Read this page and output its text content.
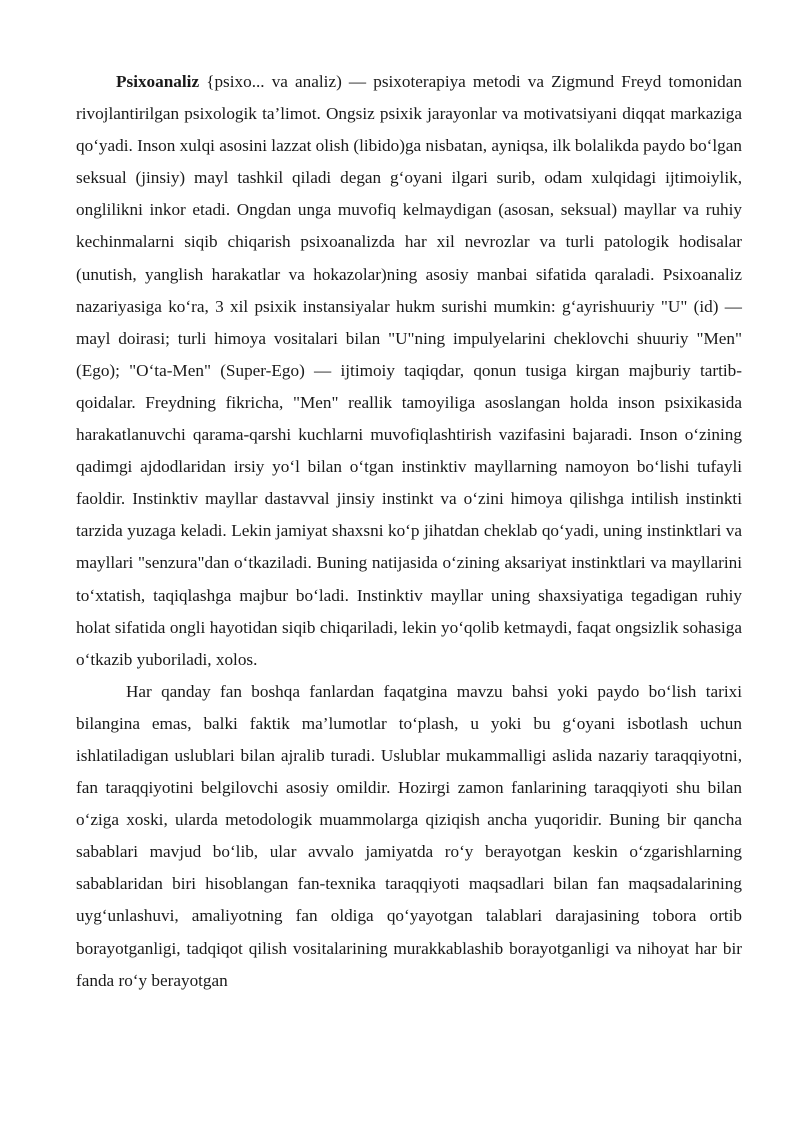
Psixoanaliz {psixo... va analiz) — psixoterapiya metodi va Zigmund Freyd tomonidan rivojlantirilgan psixologik ta’limot. Ongsiz psixik jarayonlar va motivatsiyani diqqat markaziga qo‘yadi. Inson xulqi asosini lazzat olish (libido)ga nisbatan, ayniqsa, ilk bolalikda paydo bo‘lgan seksual (jinsiy) mayl tashkil qiladi degan g‘oyani ilgari surib, odam xulqidagi ijtimoiylik, onglilikni inkor etadi. Ongdan unga muvofiq kelmaydigan (asosan, seksual) mayllar va ruhiy kechinmalarni siqib chiqarish psixoanalizda har xil nevrozlar va turli patologik hodisalar (unutish, yanglish harakatlar va hokazolar)ning asosiy manbai sifatida qaraladi. Psixoanaliz nazariyasiga ko‘ra, 3 xil psixik instansiyalar hukm surishi mumkin: g‘ayrishuuriy "U" (id) — mayl doirasi; turli himoya vositalari bilan "U"ning impulyelarini cheklovchi shuuriy "Men" (Ego); "O‘ta-Men" (Super-Ego) — ijtimoiy taqiqdar, qonun tusiga kirgan majburiy tartib-qoidalar. Freydning fikricha, "Men" reallik tamoyiliga asoslangan holda inson psixikasida harakatlanuvchi qarama-qarshi kuchlarni muvofiqlashtirish vazifasini bajaradi. Inson o‘zining qadimgi ajdodlaridan irsiy yo‘l bilan o‘tgan instinktiv mayllarning namoyon bo‘lishi tufayli faoldir. Instinktiv mayllar dastavval jinsiy instinkt va o‘zini himoya qilishga intilish instinkti tarzida yuzaga keladi. Lekin jamiyat shaxsni ko‘p jihatdan cheklab qo‘yadi, uning instinktlari va mayllari "senzura"dan o‘tkaziladi. Buning natijasida o‘zining aksariyat instinktlari va mayllarini to‘xtatish, taqiqlashga majbur bo‘ladi. Instinktiv mayllar uning shaxsiyatiga tegadigan ruhiy holat sifatida ongli hayotidan siqib chiqariladi, lekin yo‘qolib ketmaydi, faqat ongsizlik sohasiga o‘tkazib yuboriladi, xolos.

Har qanday fan boshqa fanlardan faqatgina mavzu bahsi yoki paydo bo‘lish tarixi bilangina emas, balki faktik ma’lumotlar to‘plash, u yoki bu g‘oyani isbotlash uchun ishlatiladigan uslublari bilan ajralib turadi. Uslublar mukammalligi aslida nazariy taraqqiyotni, fan taraqqiyotini belgilovchi asosiy omildir. Hozirgi zamon fanlarining taraqqiyoti shu bilan o‘ziga xoski, ularda metodologik muammolarga qiziqish ancha yuqoridir. Buning bir qancha sabablari mavjud bo‘lib, ular avvalo jamiyatda ro‘y berayotgan keskin o‘zgarishlarning sabablaridan biri hisoblangan fan-texnika taraqqiyoti maqsadlari bilan fan maqsadalarining uyg‘unlashuvi, amaliyotning fan oldiga qo‘yayotgan talablari darajasining tobora ortib borayotganligi, tadqiqot qilish vositalarining murakkablashib borayotganligi va nihoyat har bir fanda ro‘y berayotgan
